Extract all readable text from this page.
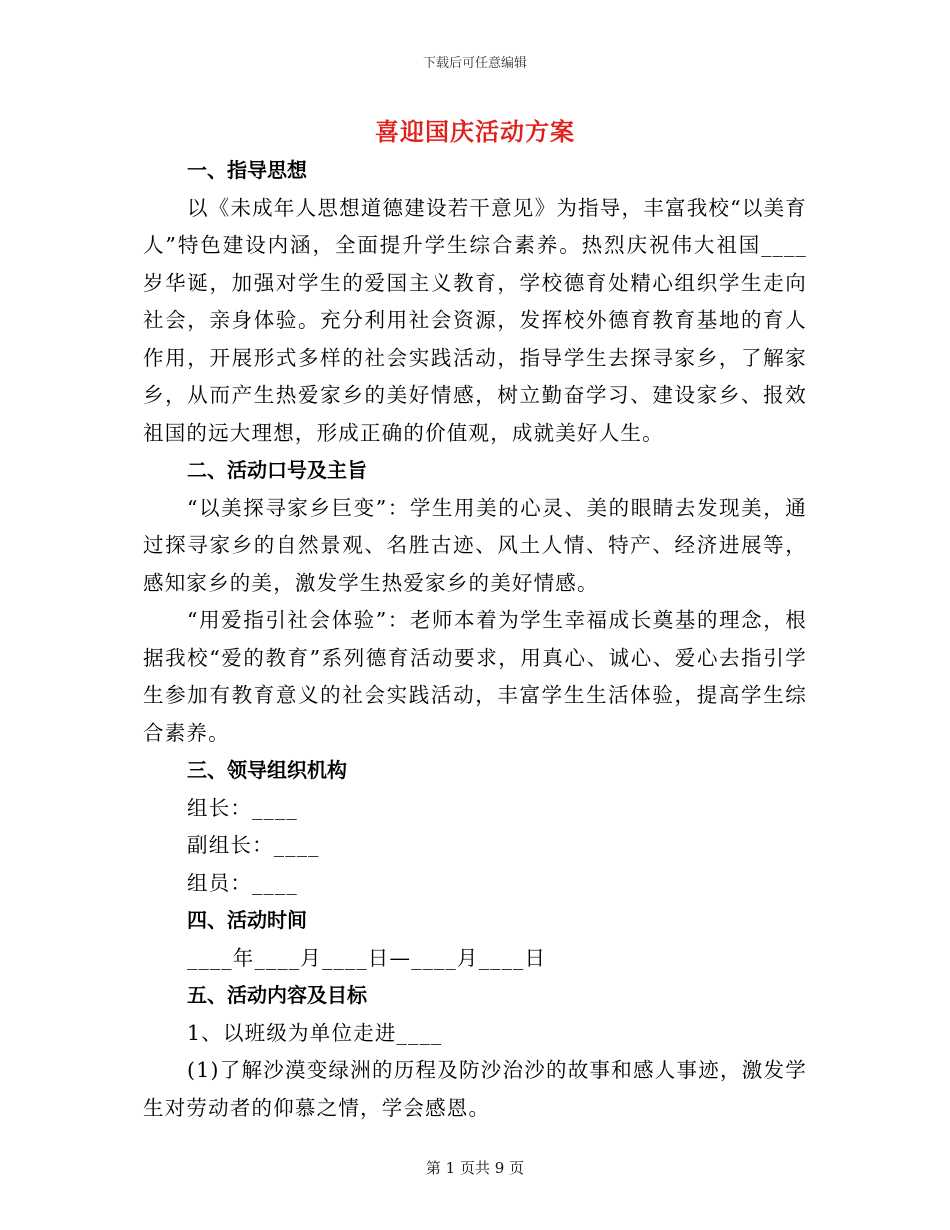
下载后可任意编辑
喜迎国庆活动方案

一、指导思想

以《未成年人思想道德建设若干意见》为指导，丰富我校“以美育人”特色建设内涵，全面提升学生综合素养。热烈庆祝伟大祖国____岁华诞，加强对学生的爱国主义教育，学校德育处精心组织学生走向社会，亲身体验。充分利用社会资源，发挥校外德育教育基地的育人作用，开展形式多样的社会实践活动，指导学生去探寻家乡，了解家乡，从而产生热爱家乡的美好情感，树立勤奋学习、建设家乡、报效祖国的远大理想，形成正确的价值观，成就美好人生。

二、活动口号及主旨

“以美探寻家乡巨变”：学生用美的心灵、美的眼睛去发现美，通过探寻家乡的自然景观、名胜古迹、风土人情、特产、经济进展等，感知家乡的美，激发学生热爱家乡的美好情感。

“用爱指引社会体验”：老师本着为学生幸福成长奠基的理念，根据我校“爱的教育”系列德育活动要求，用真心、诚心、爱心去指引学生参加有教育意义的社会实践活动，丰富学生生活体验，提高学生综合素养。

三、领导组织机构

组长：____

副组长：____

组员：____

四、活动时间

____年____月____日—____月____日

五、活动内容及目标

1、以班级为单位走进____

(1)了解沙漠变绿洲的历程及防沙治沙的故事和感人事迹，激发学生对劳动者的仰慕之情，学会感恩。

第 1 页共 9 页
